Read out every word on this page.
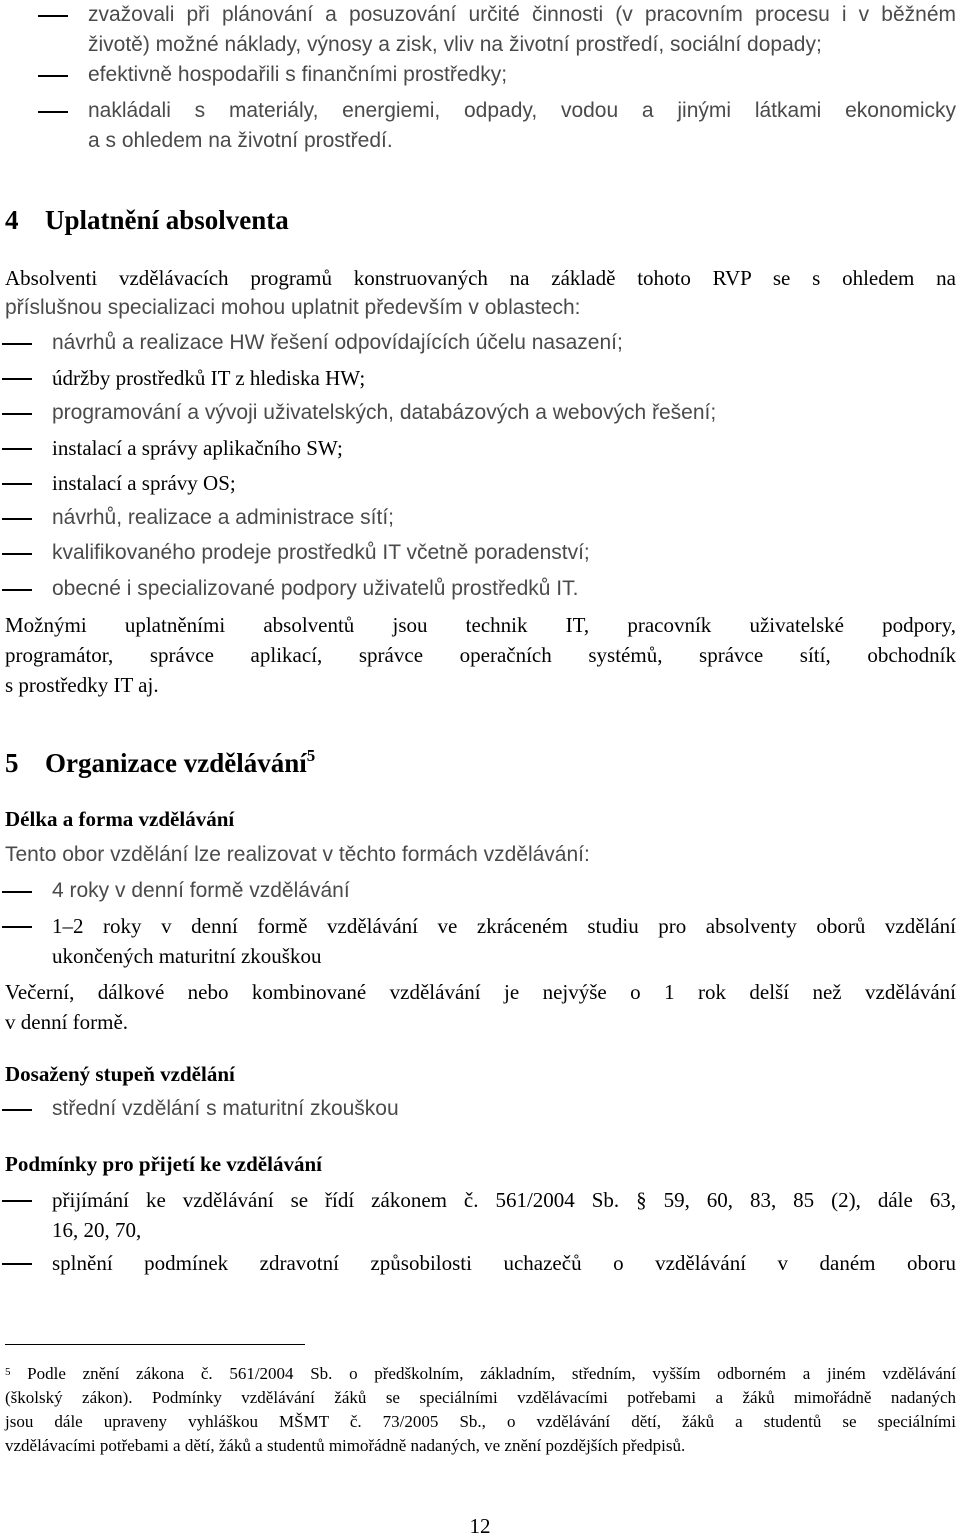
zvažovali při plánování a posuzování určité činnosti (v pracovním procesu i v běžném
životě) možné náklady, výnosy a zisk, vliv na životní prostředí, sociální dopady;
efektivně hospodařili s finančními prostředky;
nakládali s materiály, energiemi, odpady, vodou a jinými látkami ekonomicky
a s ohledem na životní prostředí.
4 Uplatnění absolventa
Absolventi vzdělávacích programů konstruovaných na základě tohoto RVP se s ohledem na
příslušnou specializaci mohou uplatnit především v oblastech:
návrhů a realizace HW řešení odpovídajících účelu nasazení;
údržby prostředků IT z hlediska HW;
programování a vývoji uživatelských, databázových a webových řešení;
instalací a správy aplikačního SW;
instalací a správy OS;
návrhů, realizace a administrace sítí;
kvalifikovaného prodeje prostředků IT včetně poradenství;
obecné i specializované podpory uživatelů prostředků IT.
Možnými uplatněními absolventů jsou technik IT, pracovník uživatelské podpory,
programátor, správce aplikací, správce operačních systémů, správce sítí, obchodník
s prostředky IT aj.
5 Organizace vzdělávání$^5$
Délka a forma vzdělávání
Tento obor vzdělání lze realizovat v těchto formách vzdělávání:
4 roky v denní formě vzdělávání
1–2 roky v denní formě vzdělávání ve zkráceném studiu pro absolventy oborů vzdělání
ukončených maturitní zkouškou
Večerní, dálkové nebo kombinované vzdělávání je nejvýše o 1 rok delší než vzdělávání
v denní formě.
Dosažený stupeň vzdělání
střední vzdělání s maturitní zkouškou
Podmínky pro přijetí ke vzdělávání
přijímání ke vzdělávání se řídí zákonem č. 561/2004 Sb. § 59, 60, 83, 85 (2), dále 63,
16, 20, 70,
splnění podmínek zdravotní způsobilosti uchazečů o vzdělávání v daném oboru
$^5$ Podle znění zákona č. 561/2004 Sb. o předškolním, základním, středním, vyšším odborném a jiném vzdělávání
(školský zákon). Podmínky vzdělávání žáků se speciálními vzdělávacími potřebami a žáků mimořádně nadaných
jsou dále upraveny vyhláškou MŠMT č. 73/2005 Sb., o vzdělávání dětí, žáků a studentů se speciálními
vzdělávacími potřebami a dětí, žáků a studentů mimořádně nadaných, ve znění pozdějších předpisů.
12
